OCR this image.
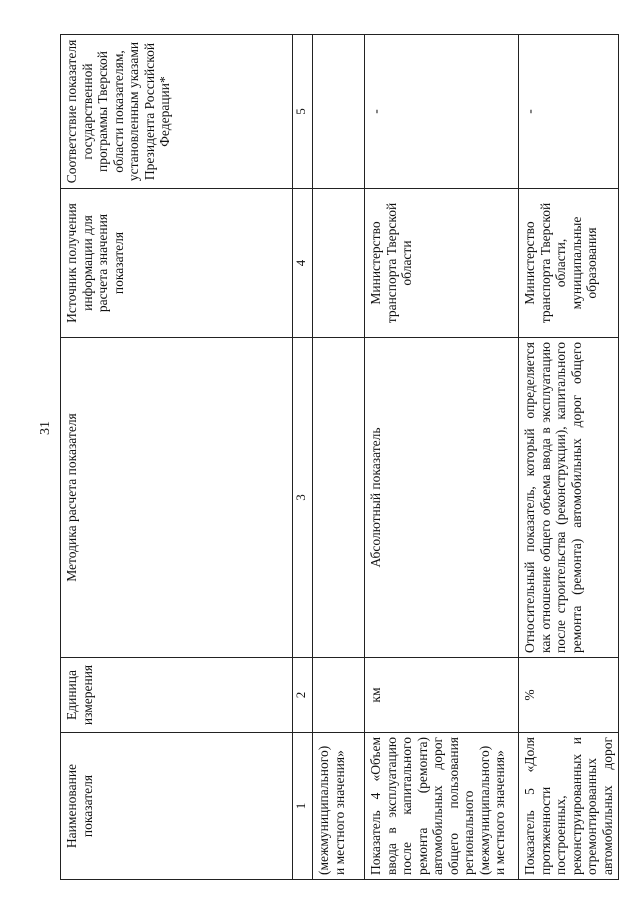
31
Наименование показателя	Единица измерения	Методика расчета показателя	Источник получения информации для расчета значения показателя	Соответствие показателя государственной программы Тверской области показателям, установленным указами Президента Российской Федерации*
1	2	3	4	5
(межмуниципального) и местного значения»				
Показатель 4 «Объем ввода в эксплуатацию после капитального ремонта (ремонта) автомобильных дорог общего пользования регионального (межмуниципального) и местного значения»	км	Абсолютный показатель	Министерство транспорта Тверской области	-
Показатель 5 «Доля протяженности построенных, реконструированных и отремонтированных автомобильных дорог	%	Относительный показатель, который определяется как отношение общего объема ввода в эксплуатацию после строительства (реконструкции), капитального ремонта (ремонта) автомобильных дорог общего	Министерство транспорта Тверской области, муниципальные образования	-
